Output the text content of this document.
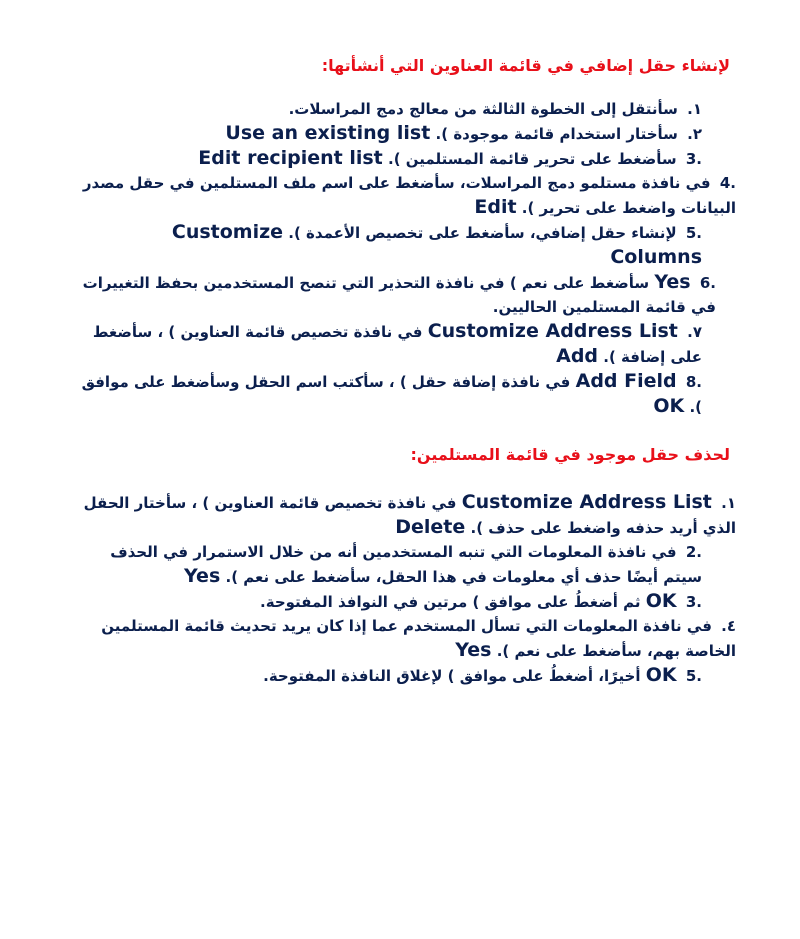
لإنشاء حقل إضافي في قائمة العناوين التي أنشأتها:
١. سأنتقل إلى الخطوة الثالثة من معالج دمج المراسلات.
٢. سأختار استخدام قائمة موجودة ). Use an existing list
.3 سأضغط على تحرير قائمة المستلمين ). Edit recipient list
.4 في نافذة مستلمو دمج المراسلات، سأضغط على اسم ملف المستلمين في حقل مصدر البيانات واضغط على تحرير ). Edit
.5 لإنشاء حقل إضافي، سأضغط على تخصيص الأعمدة ). Customize Columns
.6 Yes سأضغط على نعم ) في نافذة التحذير التي تنصح المستخدمين بحفظ التغييرات في قائمة المستلمين الحاليين.
٧. Customize Address List في نافذة تخصيص قائمة العناوين ) ، سأضغط على إضافة ). Add
.8 Add Field في نافذة إضافة حقل ) ، سأكتب اسم الحقل وسأضغط على موافق ). OK
لحذف حقل موجود في قائمة المستلمين:
١. Customize Address List في نافذة تخصيص قائمة العناوين ) ، سأختار الحقل الذي أريد حذفه واضغط على حذف ). Delete
.2 في نافذة المعلومات التي تنبه المستخدمين أنه من خلال الاستمرار في الحذف سيتم أيضًا حذف أي معلومات في هذا الحقل، سأضغط على نعم ). Yes
.3 OK ثم أضغطُ على موافق ) مرتين في النوافذ المفتوحة.
٤. في نافذة المعلومات التي تسأل المستخدم عما إذا كان يريد تحديث قائمة المستلمين الخاصة بهم، سأضغط على نعم ). Yes
.5 OK أخيرًا، أضغطُ على موافق ) لإغلاق النافذة المفتوحة.
